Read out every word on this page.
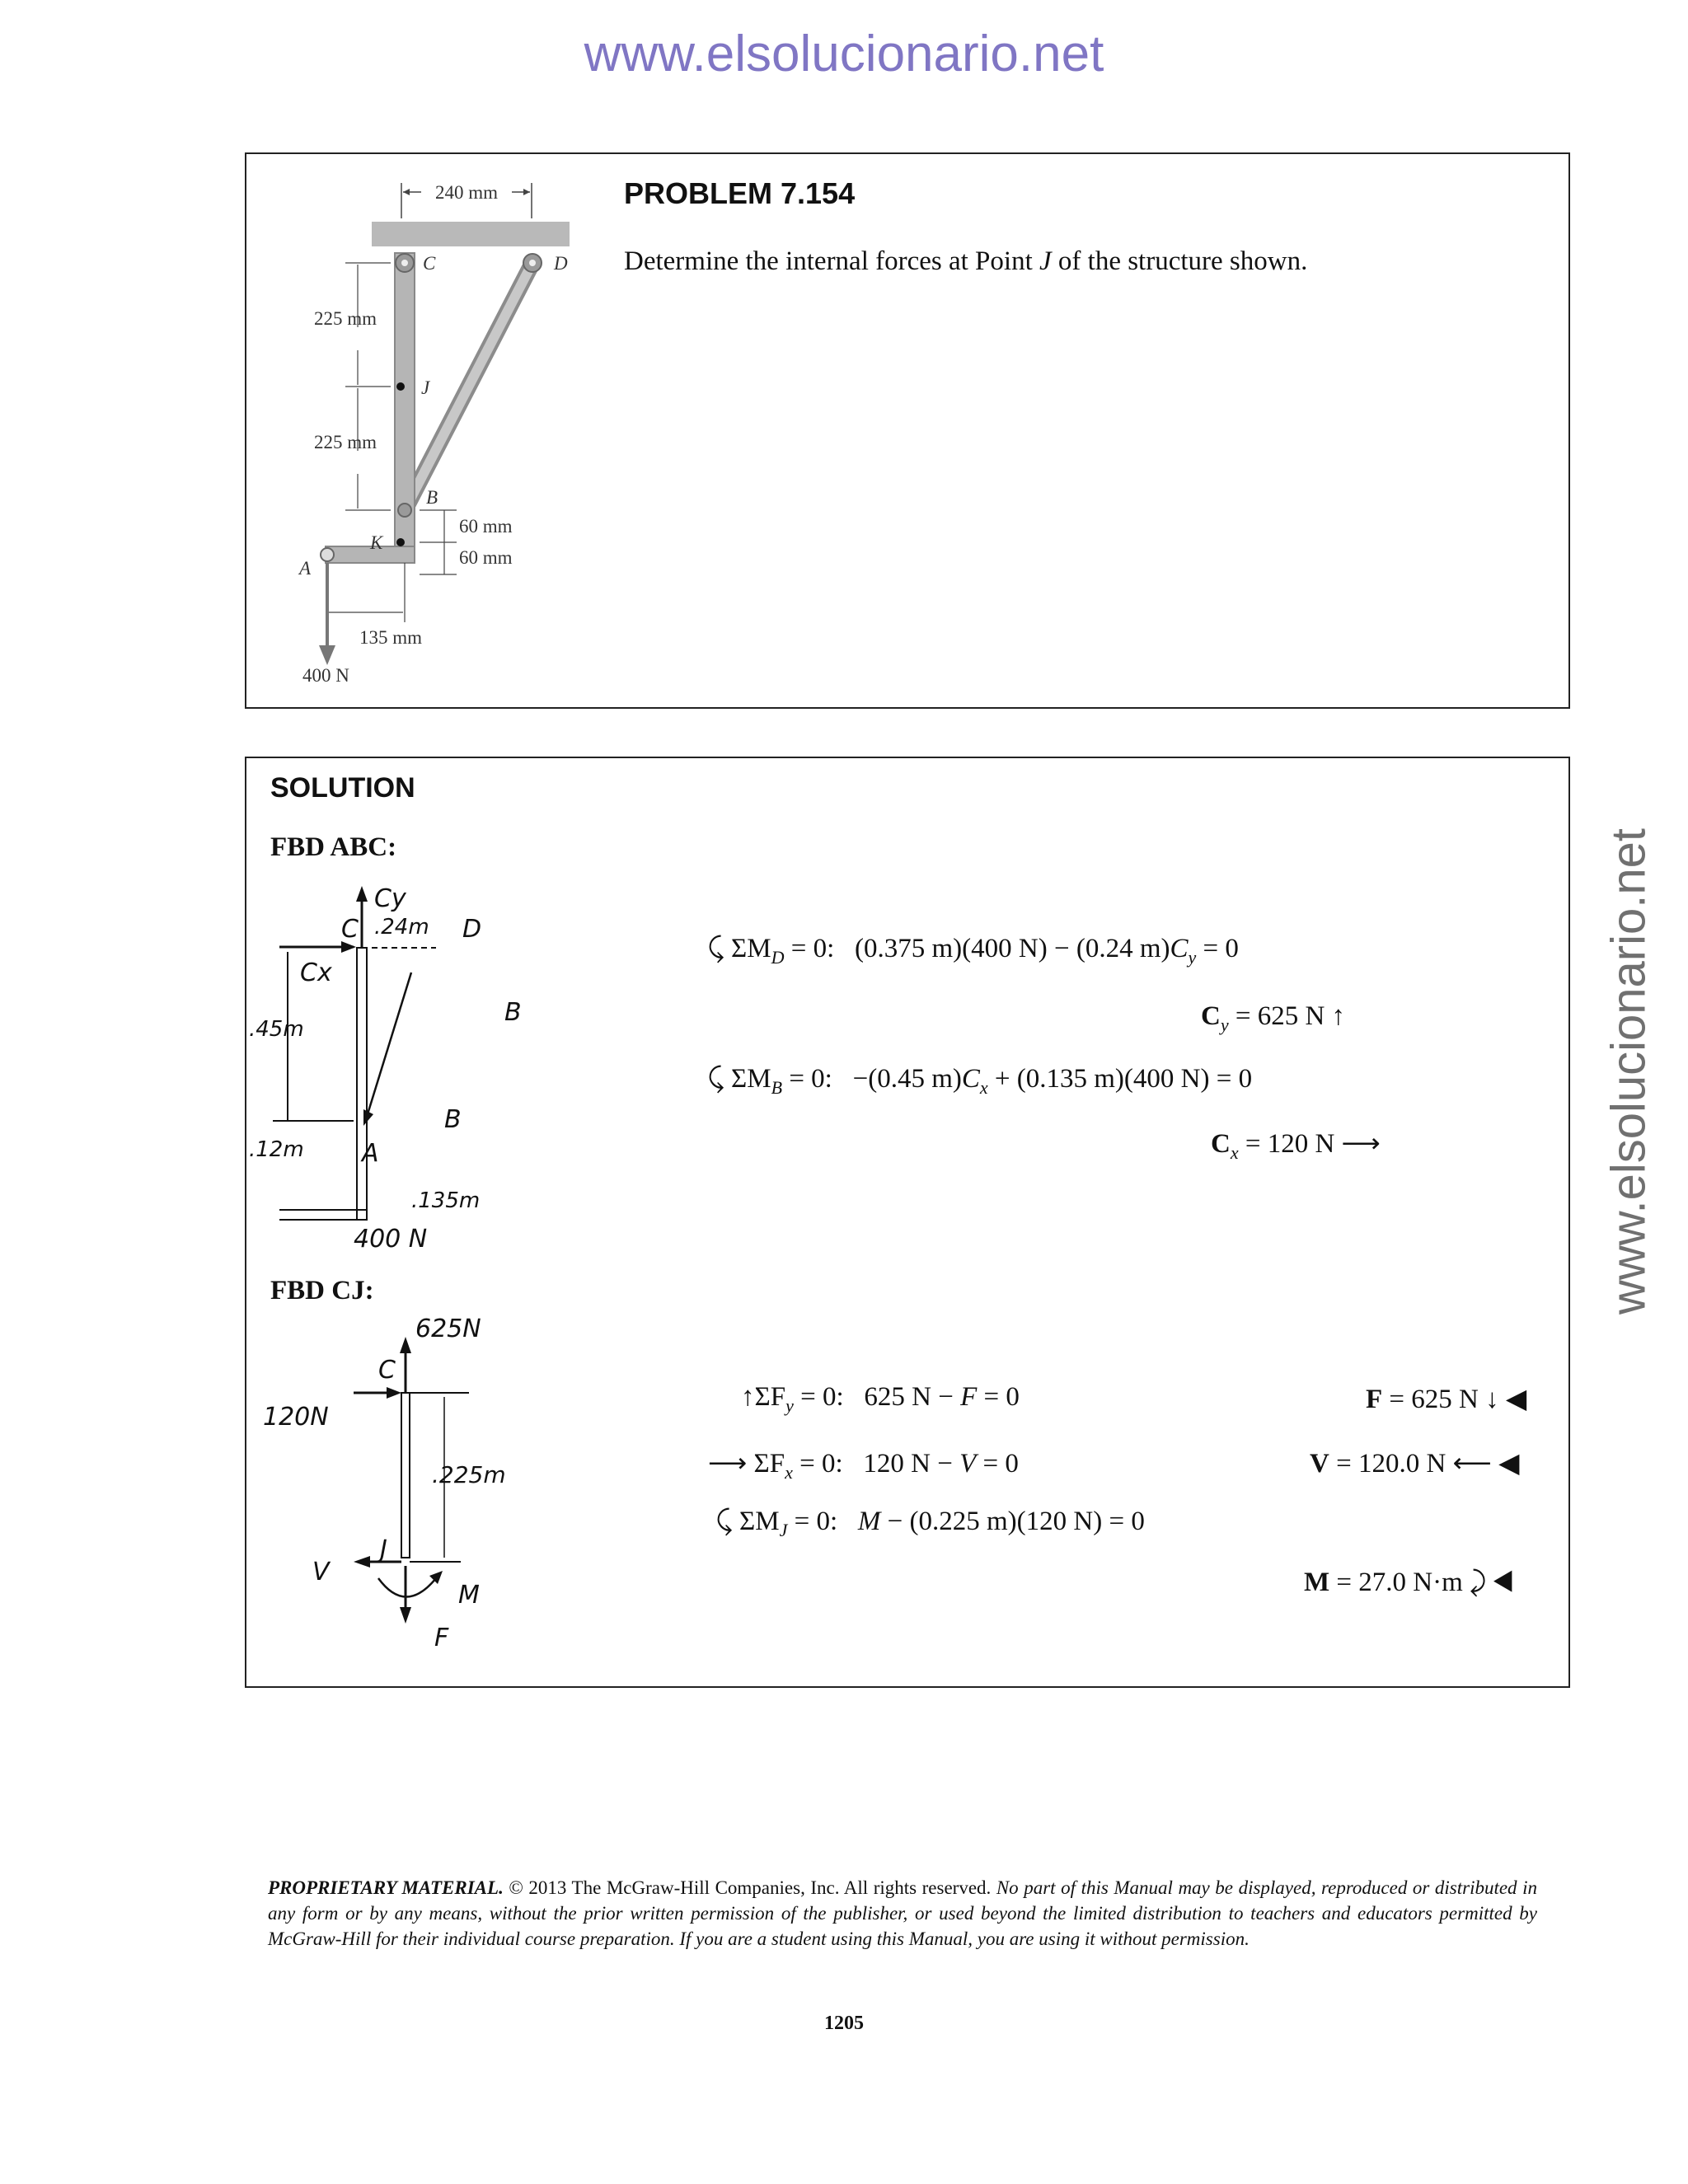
www.elsolucionario.net
www.elsolucionario.net
240 mm
C	D
J
B
K
A
225 mm
225 mm
60 mm
60 mm
135 mm
400 N
PROBLEM 7.154
Determine the internal forces at Point J of the structure shown.
SOLUTION
FBD ABC:
Cy
C .24m D
Cx
.45m
B
B
.12m A
.135m
400 N
⤹ $\Sigma M_D = 0$:   (0.375 m)(400 N) − (0.24 $m)C_y = 0$
$C_y = 625$ N ↑
⤹ $\Sigma M_B = 0$:   −(0.45 $m)C_x + (0.135$ m)(400 N) = 0
$C_x = 120$ N ⟶
FBD CJ:
625N
C
120N
.225m
J
V
M
F
$↑\Sigma F_y = 0$:   625 N − F = 0	F = 625 N ↓ ◀
⟶ $\Sigma F_x = 0$:   120 N − V = 0	V = 120.0 N ⟵ ◀
⤹ $\Sigma M_J = 0$:   M − (0.225 m)(120 N) = 0
M = 27.0 N·m ⤸ ◀
PROPRIETARY MATERIAL. © 2013 The McGraw-Hill Companies, Inc. All rights reserved. No part of this Manual may be displayed, reproduced or distributed in any form or by any means, without the prior written permission of the publisher, or used beyond the limited distribution to teachers and educators permitted by McGraw-Hill for their individual course preparation. If you are a student using this Manual, you are using it without permission.
1205
